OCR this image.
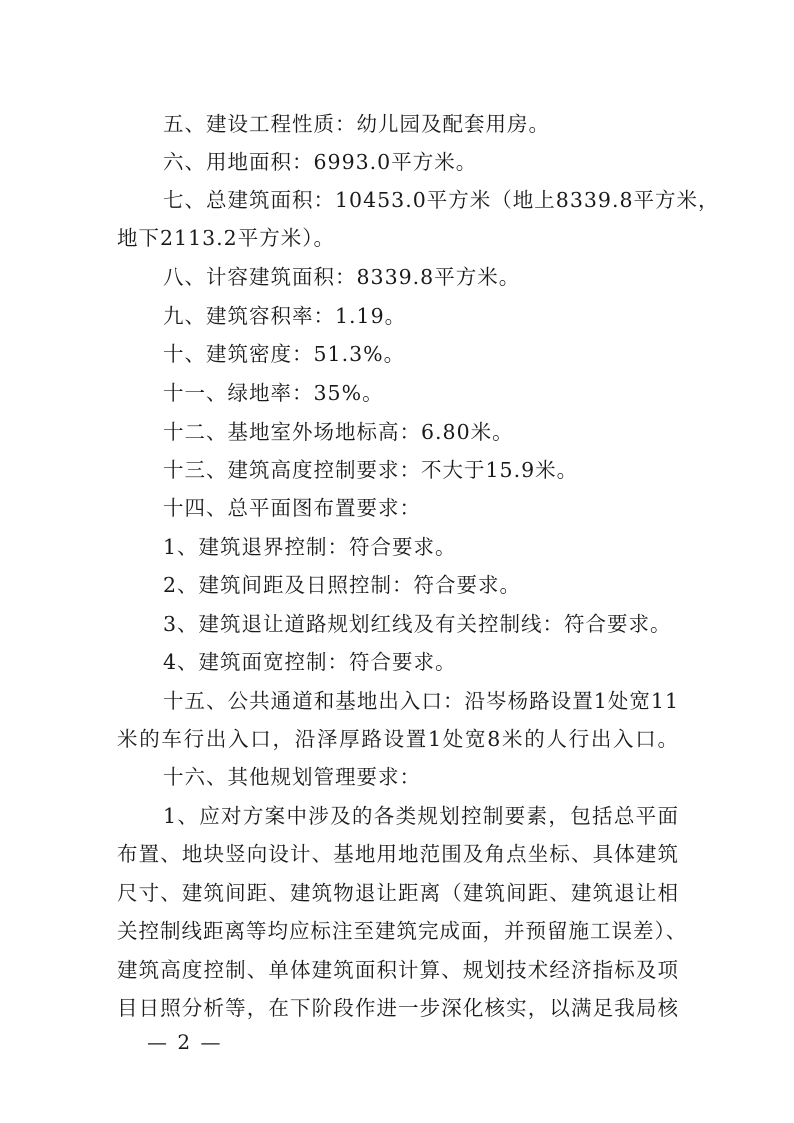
五、建设工程性质：幼儿园及配套用房。
六、用地面积：6993.0平方米。
七、总建筑面积：10453.0平方米（地上8339.8平方米，
地下2113.2平方米）。
八、计容建筑面积：8339.8平方米。
九、建筑容积率：1.19。
十、建筑密度：51.3%。
十一、绿地率：35%。
十二、基地室外场地标高：6.80米。
十三、建筑高度控制要求：不大于15.9米。
十四、总平面图布置要求：
1、建筑退界控制：符合要求。
2、建筑间距及日照控制：符合要求。
3、建筑退让道路规划红线及有关控制线：符合要求。
4、建筑面宽控制：符合要求。
十五、公共通道和基地出入口：沿岑杨路设置1处宽11
米的车行出入口，沿泽厚路设置1处宽8米的人行出入口。
十六、其他规划管理要求：
1、应对方案中涉及的各类规划控制要素，包括总平面
布置、地块竖向设计、基地用地范围及角点坐标、具体建筑
尺寸、建筑间距、建筑物退让距离（建筑间距、建筑退让相
关控制线距离等均应标注至建筑完成面，并预留施工误差）、
建筑高度控制、单体建筑面积计算、规划技术经济指标及项
目日照分析等，在下阶段作进一步深化核实，以满足我局核
— 2 —
